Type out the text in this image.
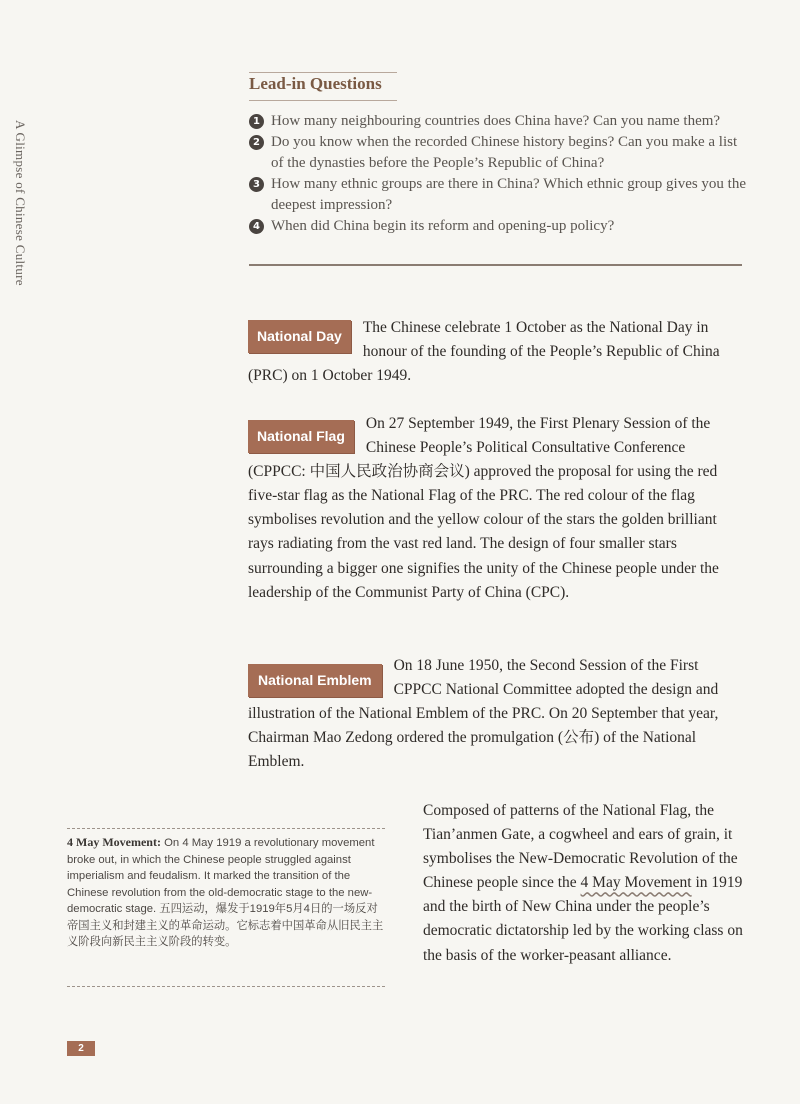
A Glimpse of Chinese Culture
Lead-in Questions
1 How many neighbouring countries does China have? Can you name them?
2 Do you know when the recorded Chinese history begins? Can you make a list of the dynasties before the People’s Republic of China?
3 How many ethnic groups are there in China? Which ethnic group gives you the deepest impression?
4 When did China begin its reform and opening-up policy?
National Day	The Chinese celebrate 1 October as the National Day in honour of the founding of the People’s Republic of China (PRC) on 1 October 1949.
National Flag
On 27 September 1949, the First Plenary Session of the Chinese People’s Political Consultative Conference (CPPCC: 中国人民政治协商会议) approved the proposal for using the red five-star flag as the National Flag of the PRC. The red colour of the flag symbolises revolution and the yellow colour of the stars the golden brilliant rays radiating from the vast red land. The design of four smaller stars surrounding a bigger one signifies the unity of the Chinese people under the leadership of the Communist Party of China (CPC).
National Emblem
On 18 June 1950, the Second Session of the First CPPCC National Committee adopted the design and illustration of the National Emblem of the PRC. On 20 September that year, Chairman Mao Zedong ordered the promulgation (公布) of the National Emblem.
4 May Movement: On 4 May 1919 a revolutionary movement broke out, in which the Chinese people struggled against imperialism and feudalism. It marked the transition of the Chinese revolution from the old-democratic stage to the new-democratic stage. 五四运动，爆发于1919年5月4日的一场反对帝国主义和封建主义的革命运动。它标志着中国革命从旧民主主义阶段向新民主主义阶段的转变。
Composed of patterns of the National Flag, the Tian’anmen Gate, a cogwheel and ears of grain, it symbolises the New-Democratic Revolution of the Chinese people since the 4 May Movement in 1919 and the birth of New China under the people’s democratic dictatorship led by the working class on the basis of the worker-peasant alliance.
2
